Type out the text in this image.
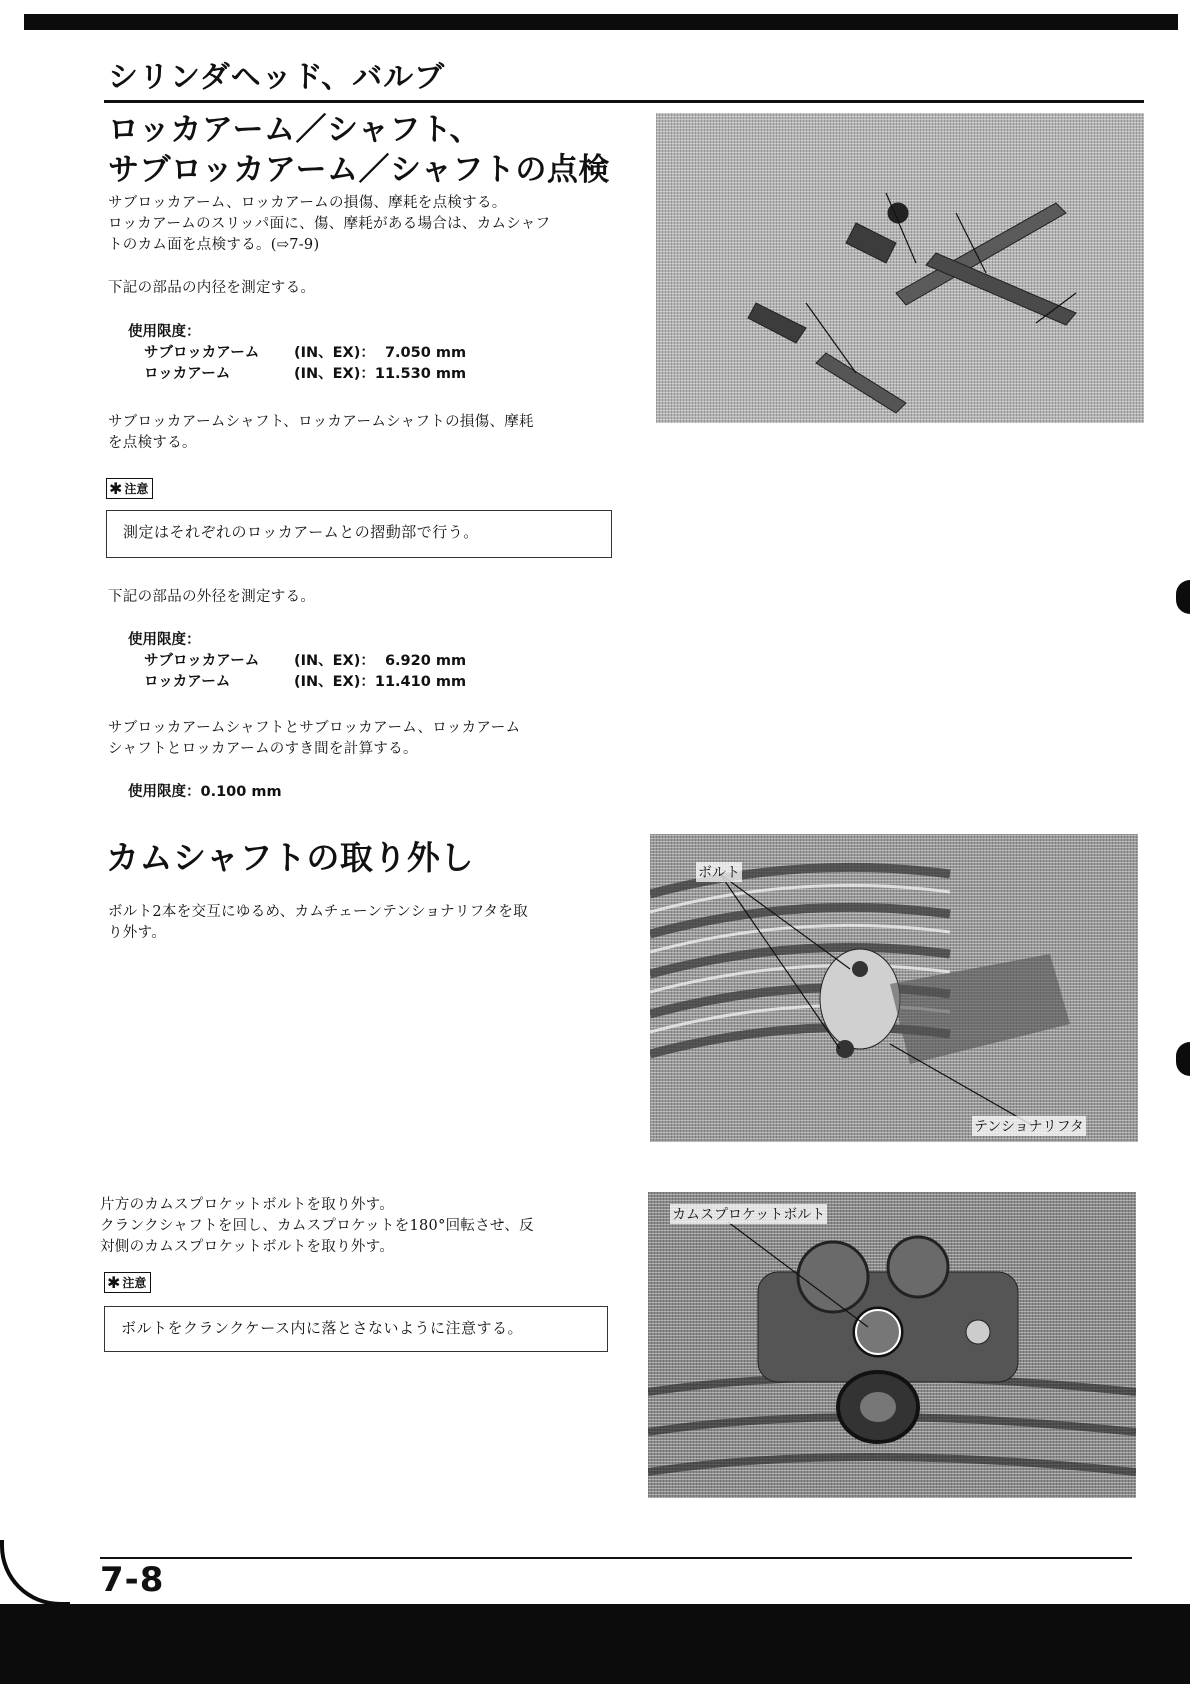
シリンダヘッド、バルブ
ロッカアーム／シャフト、
サブロッカアーム／シャフトの点検
サブロッカアーム、ロッカアームの損傷、摩耗を点検する。
ロッカアームのスリッパ面に、傷、摩耗がある場合は、カムシャフ
トのカム面を点検する。(⇨7-9)
下記の部品の内径を測定する。
使用限度：
サブロッカアーム	(IN、EX)：  7.050 mm
ロッカアーム	(IN、EX)：11.530 mm
サブロッカアームシャフト、ロッカアームシャフトの損傷、摩耗
を点検する。
✱ 注意
測定はそれぞれのロッカアームとの摺動部で行う。
下記の部品の外径を測定する。
使用限度：
サブロッカアーム	(IN、EX)：  6.920 mm
ロッカアーム	(IN、EX)：11.410 mm
サブロッカアームシャフトとサブロッカアーム、ロッカアーム
シャフトとロッカアームのすき間を計算する。
使用限度：0.100 mm
カムシャフトの取り外し
ボルト2本を交互にゆるめ、カムチェーンテンショナリフタを取
り外す。
ボルト
テンショナリフタ
片方のカムスプロケットボルトを取り外す。
クランクシャフトを回し、カムスプロケットを180°回転させ、反
対側のカムスプロケットボルトを取り外す。
✱ 注意
ボルトをクランクケース内に落とさないように注意する。
カムスプロケットボルト
7-8
